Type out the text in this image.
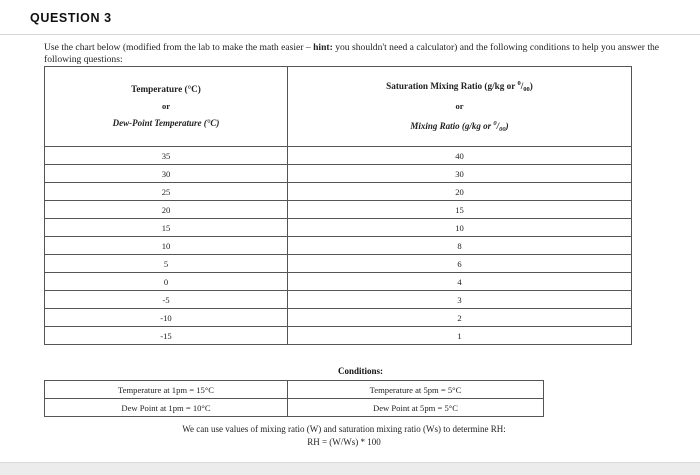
QUESTION 3
Use the chart below (modified from the lab to make the math easier – hint: you shouldn't need a calculator) and the following conditions to help you answer the following questions:
Temperature (°C)
or
Dew-Point Temperature (°C)	Saturation Mixing Ratio (g/kg or $^0/_{00}$)
or
Mixing Ratio (g/kg or $^0/_{00}$)

35	40
30	30
25	20
20	15
15	10
10	8
5	6
0	4
-5	3
-10	2
-15	1
Conditions:
Temperature at 1pm = 15°C	Temperature at 5pm = 5°C
Dew Point at 1pm = 10°C	Dew Point at 5pm = 5°C
We can use values of mixing ratio (W) and saturation mixing ratio (Ws) to determine RH:
RH = (W/Ws) * 100
